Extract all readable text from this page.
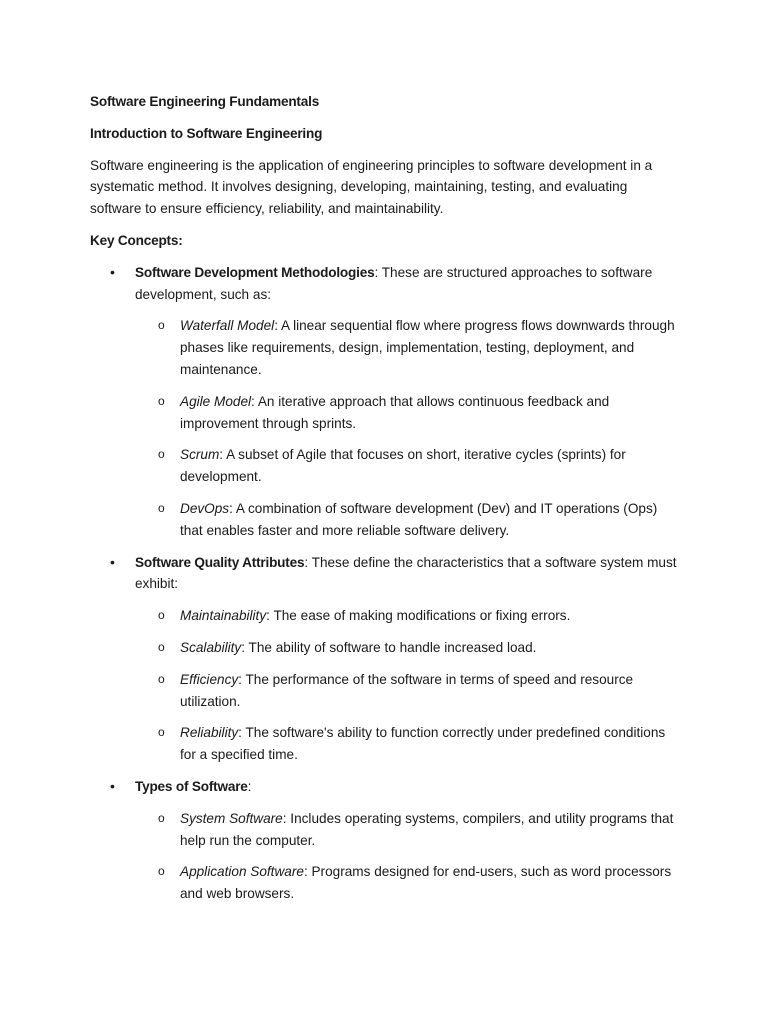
Software Engineering Fundamentals

Introduction to Software Engineering

Software engineering is the application of engineering principles to software development in a systematic method. It involves designing, developing, maintaining, testing, and evaluating software to ensure efficiency, reliability, and maintainability.

Key Concepts:

• Software Development Methodologies: These are structured approaches to software development, such as:
o Waterfall Model: A linear sequential flow where progress flows downwards through phases like requirements, design, implementation, testing, deployment, and maintenance.
o Agile Model: An iterative approach that allows continuous feedback and improvement through sprints.
o Scrum: A subset of Agile that focuses on short, iterative cycles (sprints) for development.
o DevOps: A combination of software development (Dev) and IT operations (Ops) that enables faster and more reliable software delivery.
• Software Quality Attributes: These define the characteristics that a software system must exhibit:
o Maintainability: The ease of making modifications or fixing errors.
o Scalability: The ability of software to handle increased load.
o Efficiency: The performance of the software in terms of speed and resource utilization.
o Reliability: The software's ability to function correctly under predefined conditions for a specified time.
• Types of Software:
o System Software: Includes operating systems, compilers, and utility programs that help run the computer.
o Application Software: Programs designed for end-users, such as word processors and web browsers.
